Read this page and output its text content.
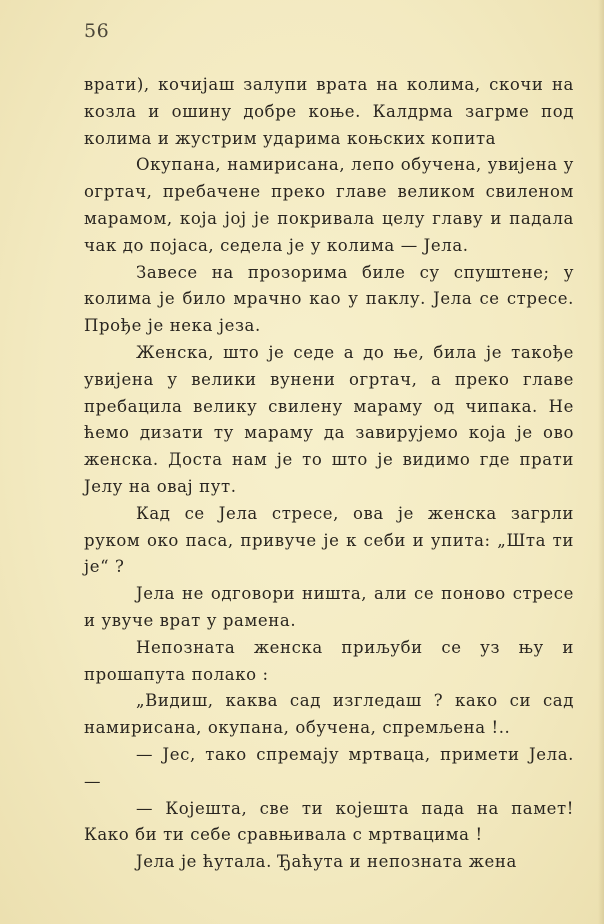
56

врати), кочијаш залупи врата на колима, скочи на козла и ошину добре коње. Калдрма загрме под колима и жустрим ударима коњских копита

Окупана, намирисана, лепо обучена, увијена у огртач, пребачене преко главе великом свиленом марамом, која јој је покривала целу главу и падала чак до појаса, седела је у колима — Јела.

Завесе на прозорима биле су спуштене; у колима је било мрачно као у паклу. Јела се стресе. Прође је нека језа.

Женска, што је седе а до ње, била је такође увијена у велики вунени огртач, а преко главе пребацила велику свилену мараму од чипака. Не ћемо дизати ту мараму да завирујемо која је ово женска. Доста нам је то што је видимо где прати Јелу на овај пут.

Кад се Јела стресе, ова је женска загрли руком око паса, привуче је к себи и упита: „Шта ти је“ ?

Јела не одговори ништа, али се поново стресе и увуче врат у рамена.

Непозната женска приљуби се уз њу и прошапута полако :

„Видиш, каква сад изгледаш ? како си сад намирисана, окупана, обучена, спремљена !..

— Јес, тако спремају мртваца, примети Јела. —

— Којешта, све ти којешта пада на памет! Како би ти себе сравњивала с мртвацима !

Јела је ћутала. Ђаћута и непозната жена
